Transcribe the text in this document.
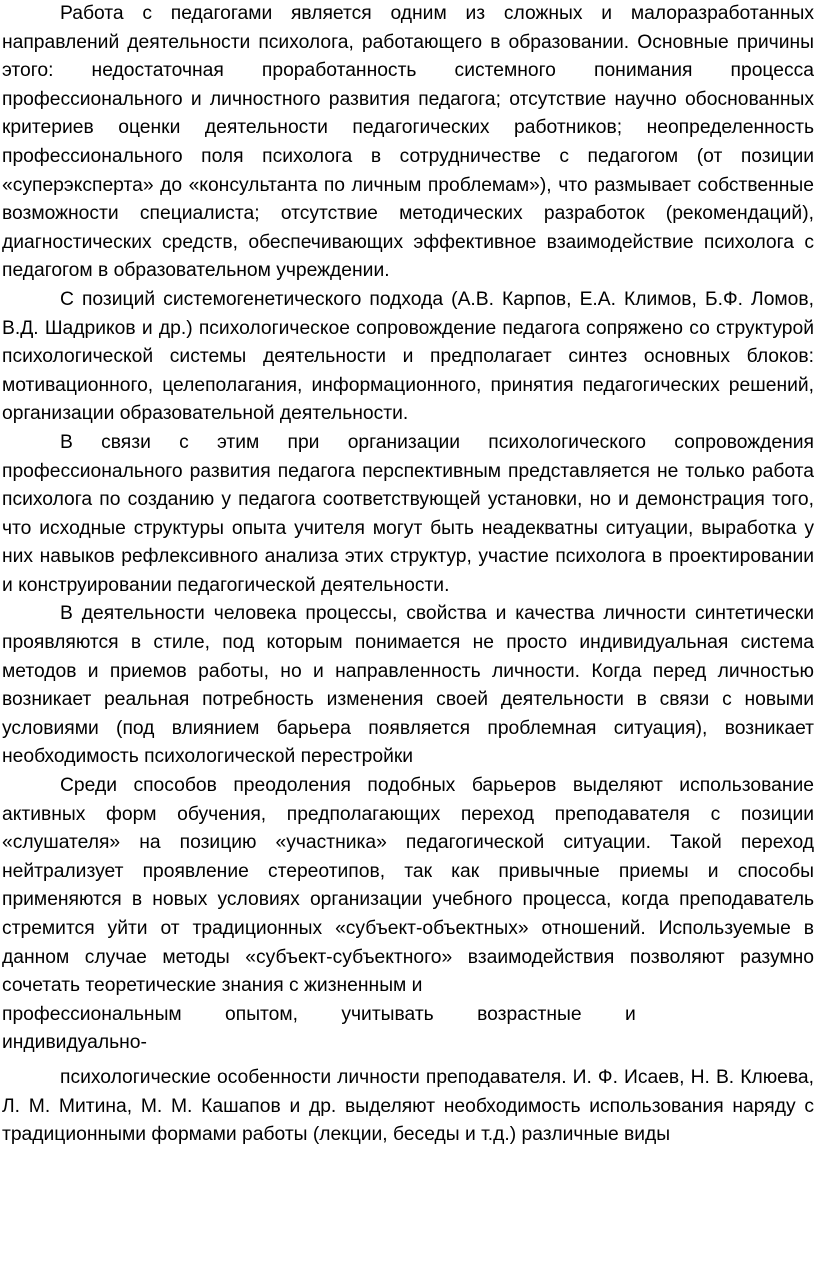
Работа с педагогами является одним из сложных и малоразработанных направлений деятельности психолога, работающего в образовании. Основные причины этого: недостаточная проработанность системного понимания процесса профессионального и личностного развития педагога; отсутствие научно обоснованных критериев оценки деятельности педагогических работников; неопределенность профессионального поля психолога в сотрудничестве с педагогом (от позиции «суперэксперта» до «консультанта по личным проблемам»), что размывает собственные возможности специалиста; отсутствие методических разработок (рекомендаций), диагностических средств, обеспечивающих эффективное взаимодействие психолога с педагогом в образовательном учреждении.

С позиций системогенетического подхода (А.В. Карпов, Е.А. Климов, Б.Ф. Ломов, В.Д. Шадриков и др.) психологическое сопровождение педагога сопряжено со структурой психологической системы деятельности и предполагает синтез основных блоков: мотивационного, целеполагания, информационного, принятия педагогических решений, организации образовательной деятельности.

В связи с этим при организации психологического сопровождения профессионального развития педагога перспективным представляется не только работа психолога по созданию у педагога соответствующей установки, но и демонстрация того, что исходные структуры опыта учителя могут быть неадекватны ситуации, выработка у них навыков рефлексивного анализа этих структур, участие психолога в проектировании и конструировании педагогической деятельности.

В деятельности человека процессы, свойства и качества личности синтетически проявляются в стиле, под которым понимается не просто индивидуальная система методов и приемов работы, но и направленность личности. Когда перед личностью возникает реальная потребность изменения своей деятельности в связи с новыми условиями (под влиянием барьера появляется проблемная ситуация), возникает необходимость психологической перестройки

Среди способов преодоления подобных барьеров выделяют использование активных форм обучения, предполагающих переход преподавателя с позиции «слушателя» на позицию «участника» педагогической ситуации. Такой переход нейтрализует проявление стереотипов, так как привычные приемы и способы применяются в новых условиях организации учебного процесса, когда преподаватель стремится уйти от традиционных «субъект-объектных» отношений. Используемые в данном случае методы «субъект-субъектного» взаимодействия позволяют разумно сочетать теоретические знания с жизненным и

профессиональным опытом, учитывать возрастные и
индивидуально-

психологические особенности личности преподавателя. И. Ф. Исаев, Н. В. Клюева, Л. М. Митина, М. М. Кашапов и др. выделяют необходимость использования наряду с традиционными формами работы (лекции, беседы и т.д.) различные виды
